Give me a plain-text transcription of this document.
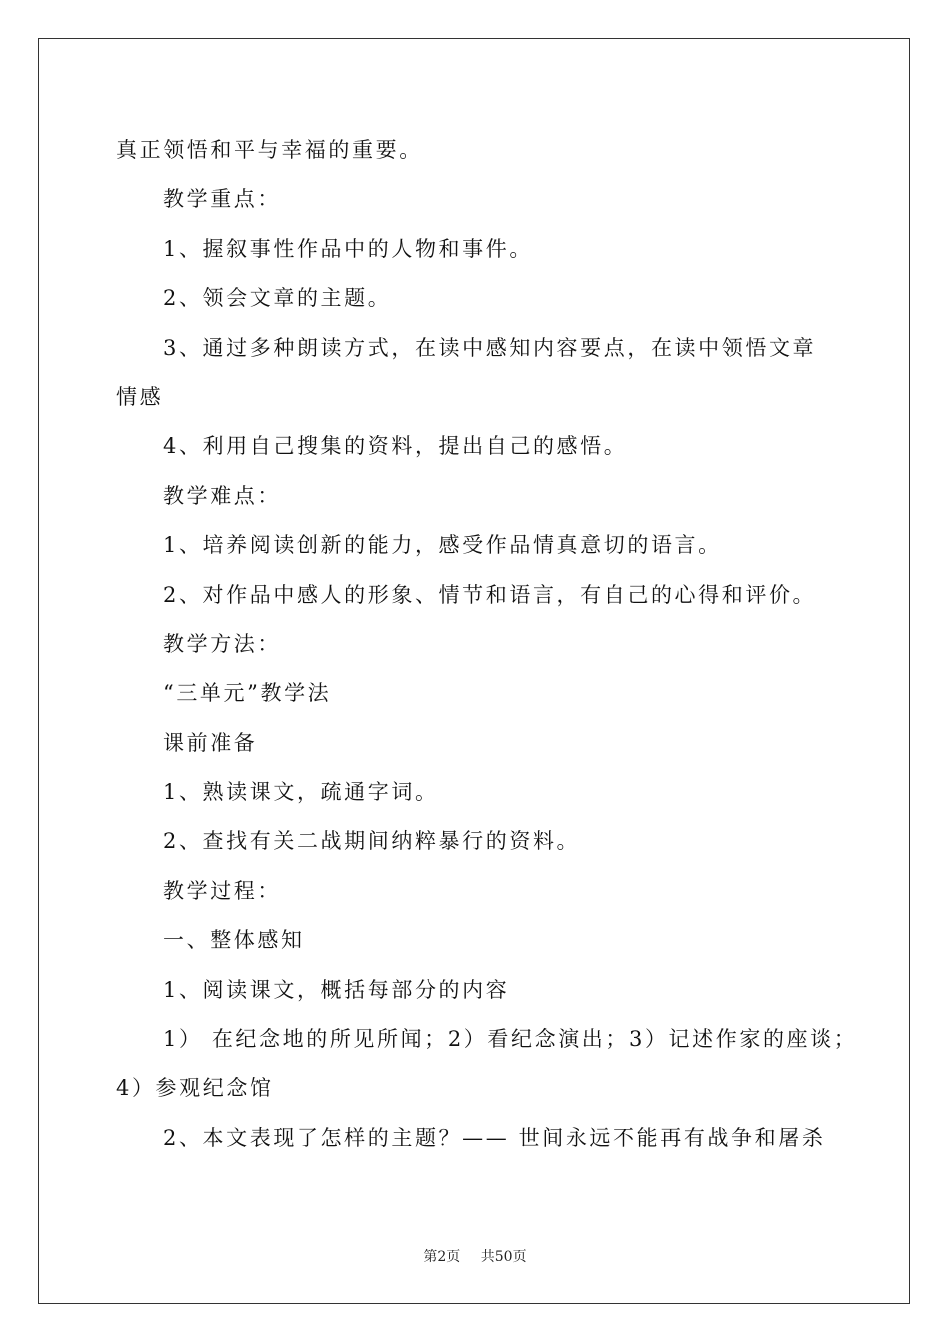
真正领悟和平与幸福的重要。
教学重点：
1、握叙事性作品中的人物和事件。
2、领会文章的主题。
3、通过多种朗读方式，在读中感知内容要点，在读中领悟文章
情感
4、利用自己搜集的资料，提出自己的感悟。
教学难点：
1、培养阅读创新的能力，感受作品情真意切的语言。
2、对作品中感人的形象、情节和语言，有自己的心得和评价。
教学方法：
“三单元”教学法
课前准备
1、熟读课文，疏通字词。
2、查找有关二战期间纳粹暴行的资料。
教学过程：
一、整体感知
1、阅读课文，概括每部分的内容
1） 在纪念地的所见所闻；2）看纪念演出；3）记述作家的座谈；
4）参观纪念馆
2、本文表现了怎样的主题？—— 世间永远不能再有战争和屠杀
第2页 共50页
